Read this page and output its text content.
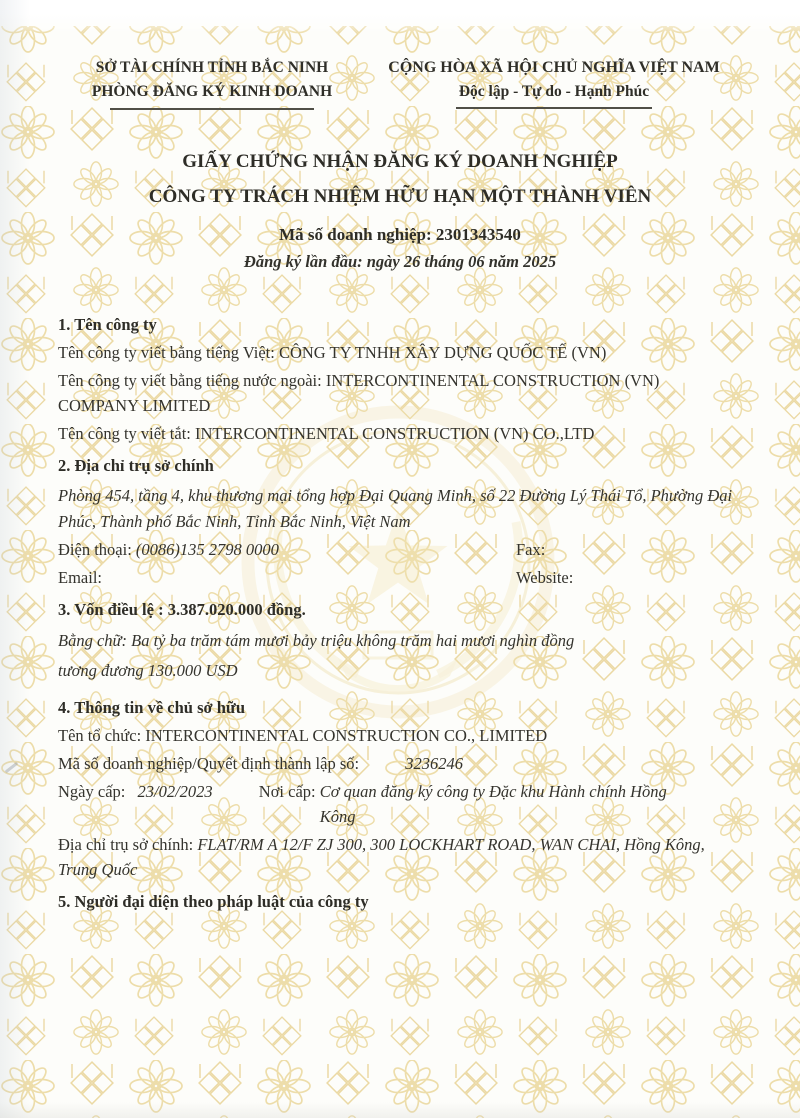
SỞ TÀI CHÍNH TỈNH BẮC NINH
PHÒNG ĐĂNG KÝ KINH DOANH
CỘNG HÒA XÃ HỘI CHỦ NGHĨA VIỆT NAM
Độc lập - Tự do - Hạnh Phúc
GIẤY CHỨNG NHẬN ĐĂNG KÝ DOANH NGHIỆP
CÔNG TY TRÁCH NHIỆM HỮU HẠN MỘT THÀNH VIÊN
Mã số doanh nghiệp: 2301343540
Đăng ký lần đầu: ngày 26 tháng 06 năm 2025

1. Tên công ty

Tên công ty viết bằng tiếng Việt: CÔNG TY TNHH XÂY DỰNG QUỐC TẾ (VN)

Tên công ty viết bằng tiếng nước ngoài: INTERCONTINENTAL CONSTRUCTION (VN) COMPANY LIMITED

Tên công ty viết tắt: INTERCONTINENTAL CONSTRUCTION (VN) CO.,LTD

2. Địa chỉ trụ sở chính

Phòng 454, tầng 4, khu thương mại tổng hợp Đại Quang Minh, số 22 Đường Lý Thái Tổ, Phường Đại Phúc, Thành phố Bắc Ninh, Tỉnh Bắc Ninh, Việt Nam

Điện thoại: (0086)135 2798 0000	Fax:

Email:	Website:

3. Vốn điều lệ : 3.387.020.000 đồng.

Bằng chữ: Ba tỷ ba trăm tám mươi bảy triệu không trăm hai mươi nghìn đồng
tương đương 130.000 USD

4. Thông tin về chủ sở hữu

Tên tổ chức: INTERCONTINENTAL CONSTRUCTION CO., LIMITED

Mã số doanh nghiệp/Quyết định thành lập số:	3236246

Ngày cấp: 23/02/2023	Nơi cấp: Cơ quan đăng ký công ty Đặc khu Hành chính Hồng Kông

Địa chỉ trụ sở chính: FLAT/RM A 12/F ZJ 300, 300 LOCKHART ROAD, WAN CHAI, Hồng Kông, Trung Quốc

5. Người đại diện theo pháp luật của công ty
